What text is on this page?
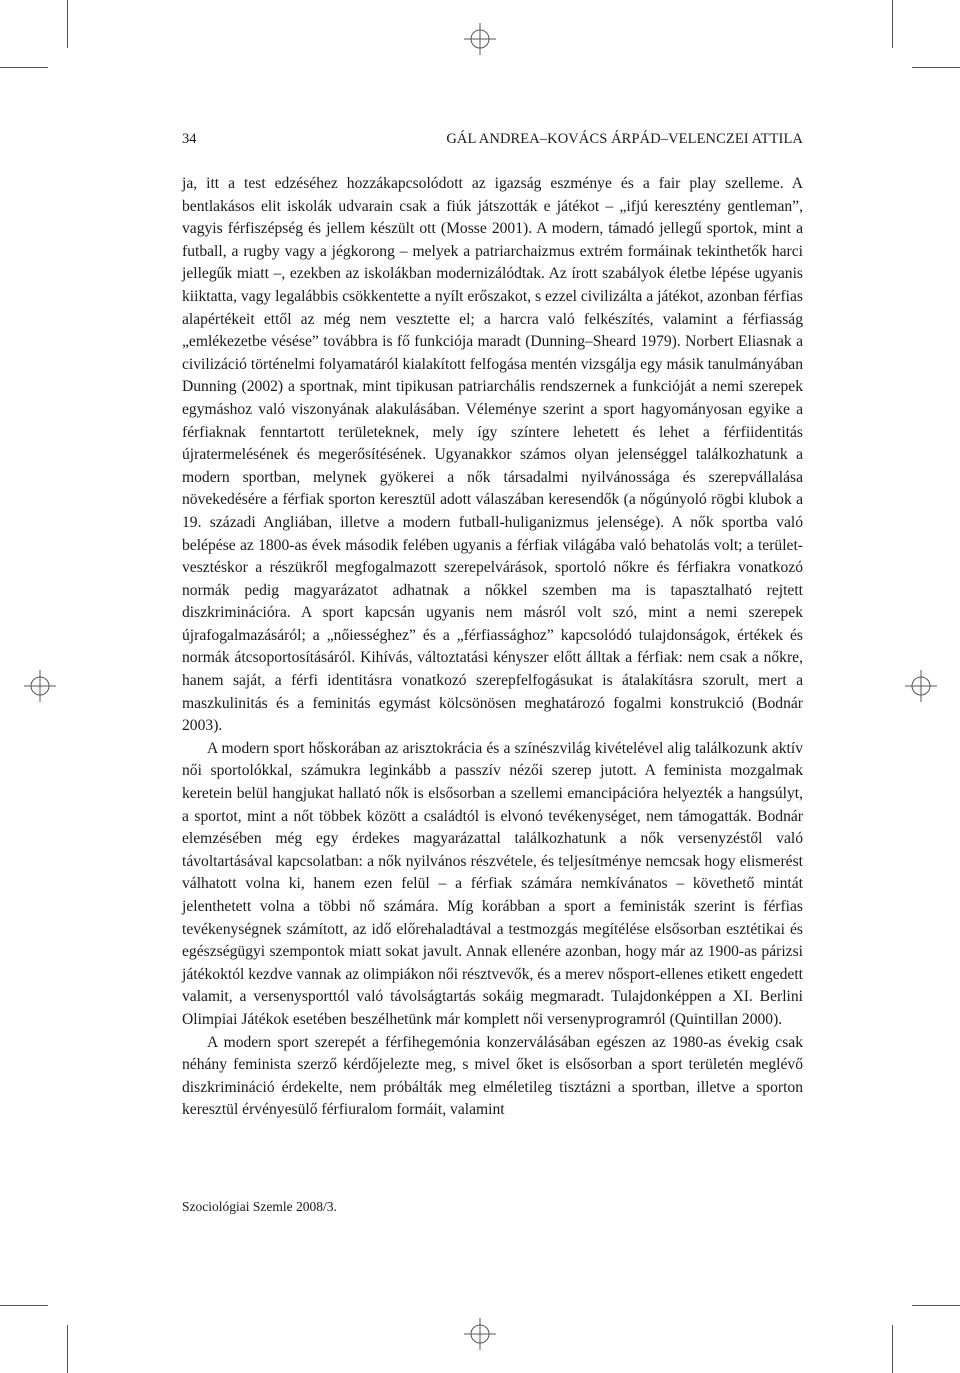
34	GÁL ANDREA–KOVÁCS ÁRPÁD–VELENCZEI ATTILA

ja, itt a test edzéséhez hozzákapcsolódott az igazság eszménye és a fair play szelleme. A bentlakásos elit iskolák udvarain csak a fiúk játszották e játékot – „ifjú keresztény gentleman”, vagyis férfiszépség és jellem készült ott (Mosse 2001). A modern, támadó jellegű sportok, mint a futball, a rugby vagy a jégkorong – melyek a patriarchaizmus extrém formáinak tekinthetők harci jellegűk miatt –, ezekben az iskolákban modernizálódtak. Az írott szabályok életbe lépése ugyanis kiiktatta, vagy legalábbis csökkentette a nyílt erőszakot, s ezzel civilizálta a játékot, azonban férfias alapértékeit ettől az még nem vesztette el; a harcra való felkészítés, valamint a férfiasság „emlékezetbe vésése” továbbra is fő funkciója maradt (Dunning–Sheard 1979). Norbert Eliasnak a civilizáció történelmi folyamatáról kialakított felfogása mentén vizsgálja egy másik tanulmányában Dunning (2002) a sportnak, mint tipikusan patriarchális rendszernek a funkcióját a nemi szerepek egymáshoz való viszonyának alakulásában. Véleménye szerint a sport hagyományosan egyike a férfiaknak fenntartott területeknek, mely így színtere lehetett és lehet a férfiidentitás újratermelésének és megerősítésének. Ugyanakkor számos olyan jelenséggel találkozhatunk a modern sportban, melynek gyökerei a nők társadalmi nyilvánossága és szerepvállalása növekedésére a férfiak sporton keresztül adott válaszában keresendők (a nőgúnyoló rögbi klubok a 19. századi Angliában, illetve a modern futball-huliganizmus jelensége). A nők sportba való belépése az 1800-as évek második felében ugyanis a férfiak világába való behatolás volt; a területvesztéskor a részükről megfogalmazott szerepelvárások, sportoló nőkre és férfiakra vonatkozó normák pedig magyarázatot adhatnak a nőkkel szemben ma is tapasztalható rejtett diszkriminációra. A sport kapcsán ugyanis nem másról volt szó, mint a nemi szerepek újrafogalmazásáról; a „nőiességhez” és a „férfiassághoz” kapcsolódó tulajdonságok, értékek és normák átcsoportosításáról. Kihívás, változtatási kényszer előtt álltak a férfiak: nem csak a nőkre, hanem saját, a férfi identitásra vonatkozó szerepfelfogásukat is átalakításra szorult, mert a maszkulinitás és a feminitás egymást kölcsönösen meghatározó fogalmi konstrukció (Bodnár 2003).

A modern sport hőskorában az arisztokrácia és a színészvilág kivételével alig találkozunk aktív női sportolókkal, számukra leginkább a passzív nézői szerep jutott. A feminista mozgalmak keretein belül hangjukat hallató nők is elsősorban a szellemi emancipációra helyezték a hangsúlyt, a sportot, mint a nőt többek között a családtól is elvonó tevékenységet, nem támogatták. Bodnár elemzésében még egy érdekes magyarázattal találkozhatunk a nők versenyzéstől való távoltartásával kapcsolatban: a nők nyilvános részvétele, és teljesítménye nemcsak hogy elismerést válhatott volna ki, hanem ezen felül – a férfiak számára nemkívánatos – követhető mintát jelenthetett volna a többi nő számára. Míg korábban a sport a feministák szerint is férfias tevékenységnek számított, az idő előrehaladtával a testmozgás megítélése elsősorban esztétikai és egészségügyi szempontok miatt sokat javult. Annak ellenére azonban, hogy már az 1900-as párizsi játékoktól kezdve vannak az olimpiákon női résztvevők, és a merev nősport-ellenes etikett engedett valamit, a versenysporttól való távolságtartás sokáig megmaradt. Tulajdonképpen a XI. Berlini Olimpiai Játékok esetében beszélhetünk már komplett női versenyprogramról (Quintillan 2000).

A modern sport szerepét a férfihegemónia konzerválásában egészen az 1980-as évekig csak néhány feminista szerző kérdőjelezte meg, s mivel őket is elsősorban a sport területén meglévő diszkrimináció érdekelte, nem próbálták meg elméletileg tisztázni a sportban, illetve a sporton keresztül érvényesülő férfiuralom formáit, valamint

Szociológiai Szemle 2008/3.
